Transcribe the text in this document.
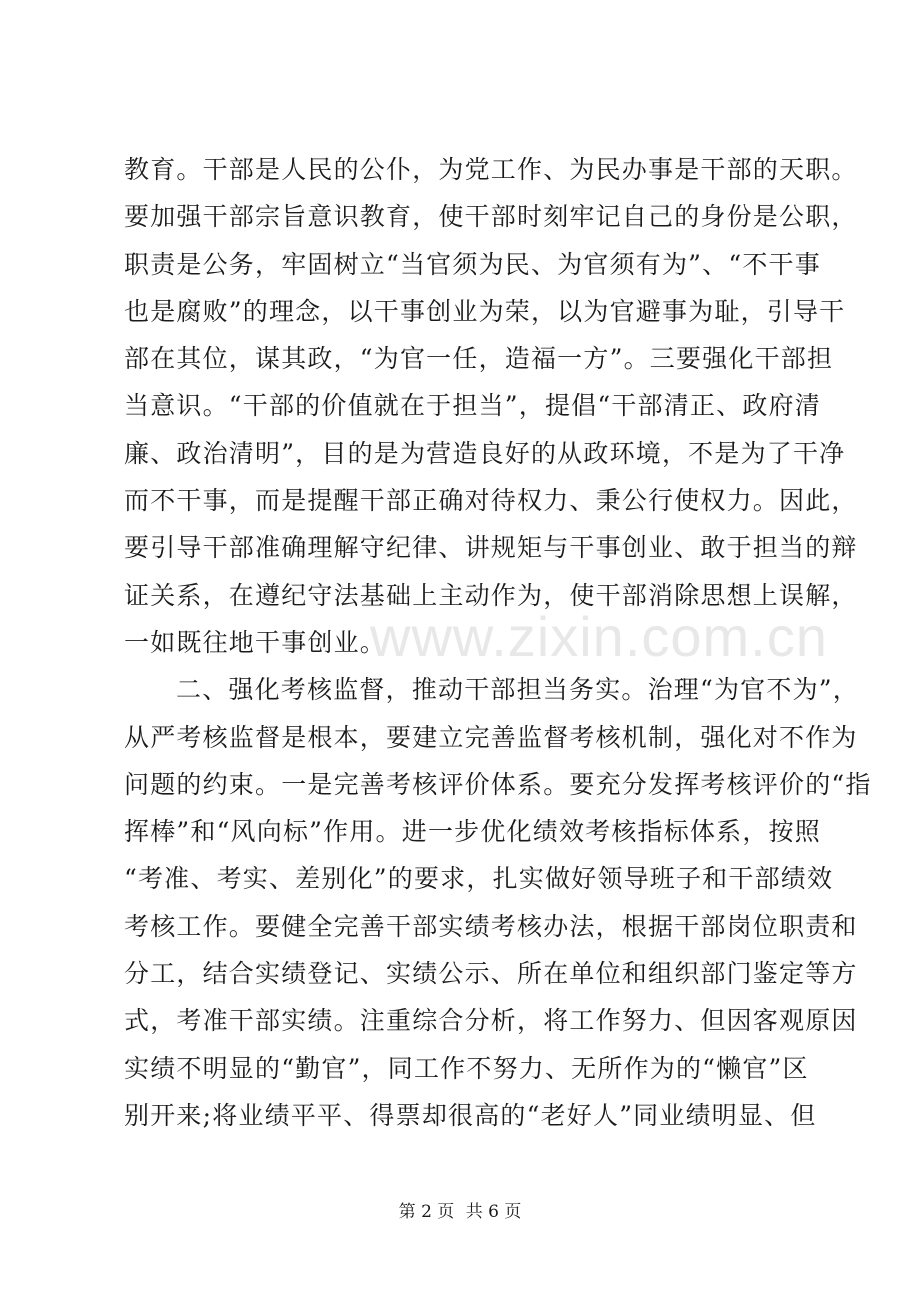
教育。干部是人民的公仆，为党工作、为民办事是干部的天职。
要加强干部宗旨意识教育，使干部时刻牢记自己的身份是公职，
职责是公务，牢固树立“当官须为民、为官须有为”、“不干事
也是腐败”的理念，以干事创业为荣，以为官避事为耻，引导干
部在其位，谋其政，“为官一任，造福一方”。三要强化干部担
当意识。“干部的价值就在于担当”，提倡“干部清正、政府清
廉、政治清明”，目的是为营造良好的从政环境，不是为了干净
而不干事，而是提醒干部正确对待权力、秉公行使权力。因此，
要引导干部准确理解守纪律、讲规矩与干事创业、敢于担当的辩
证关系，在遵纪守法基础上主动作为，使干部消除思想上误解，
一如既往地干事创业。
二、强化考核监督，推动干部担当务实。治理“为官不为”，
从严考核监督是根本，要建立完善监督考核机制，强化对不作为
问题的约束。一是完善考核评价体系。要充分发挥考核评价的“指
挥棒”和“风向标”作用。进一步优化绩效考核指标体系，按照
“考准、考实、差别化”的要求，扎实做好领导班子和干部绩效
考核工作。要健全完善干部实绩考核办法，根据干部岗位职责和
分工，结合实绩登记、实绩公示、所在单位和组织部门鉴定等方
式，考准干部实绩。注重综合分析，将工作努力、但因客观原因
实绩不明显的“勤官”，同工作不努力、无所作为的“懒官”区
别开来;将业绩平平、得票却很高的“老好人”同业绩明显、但
www.zixin.com.cn
第 2 页 共 6 页
